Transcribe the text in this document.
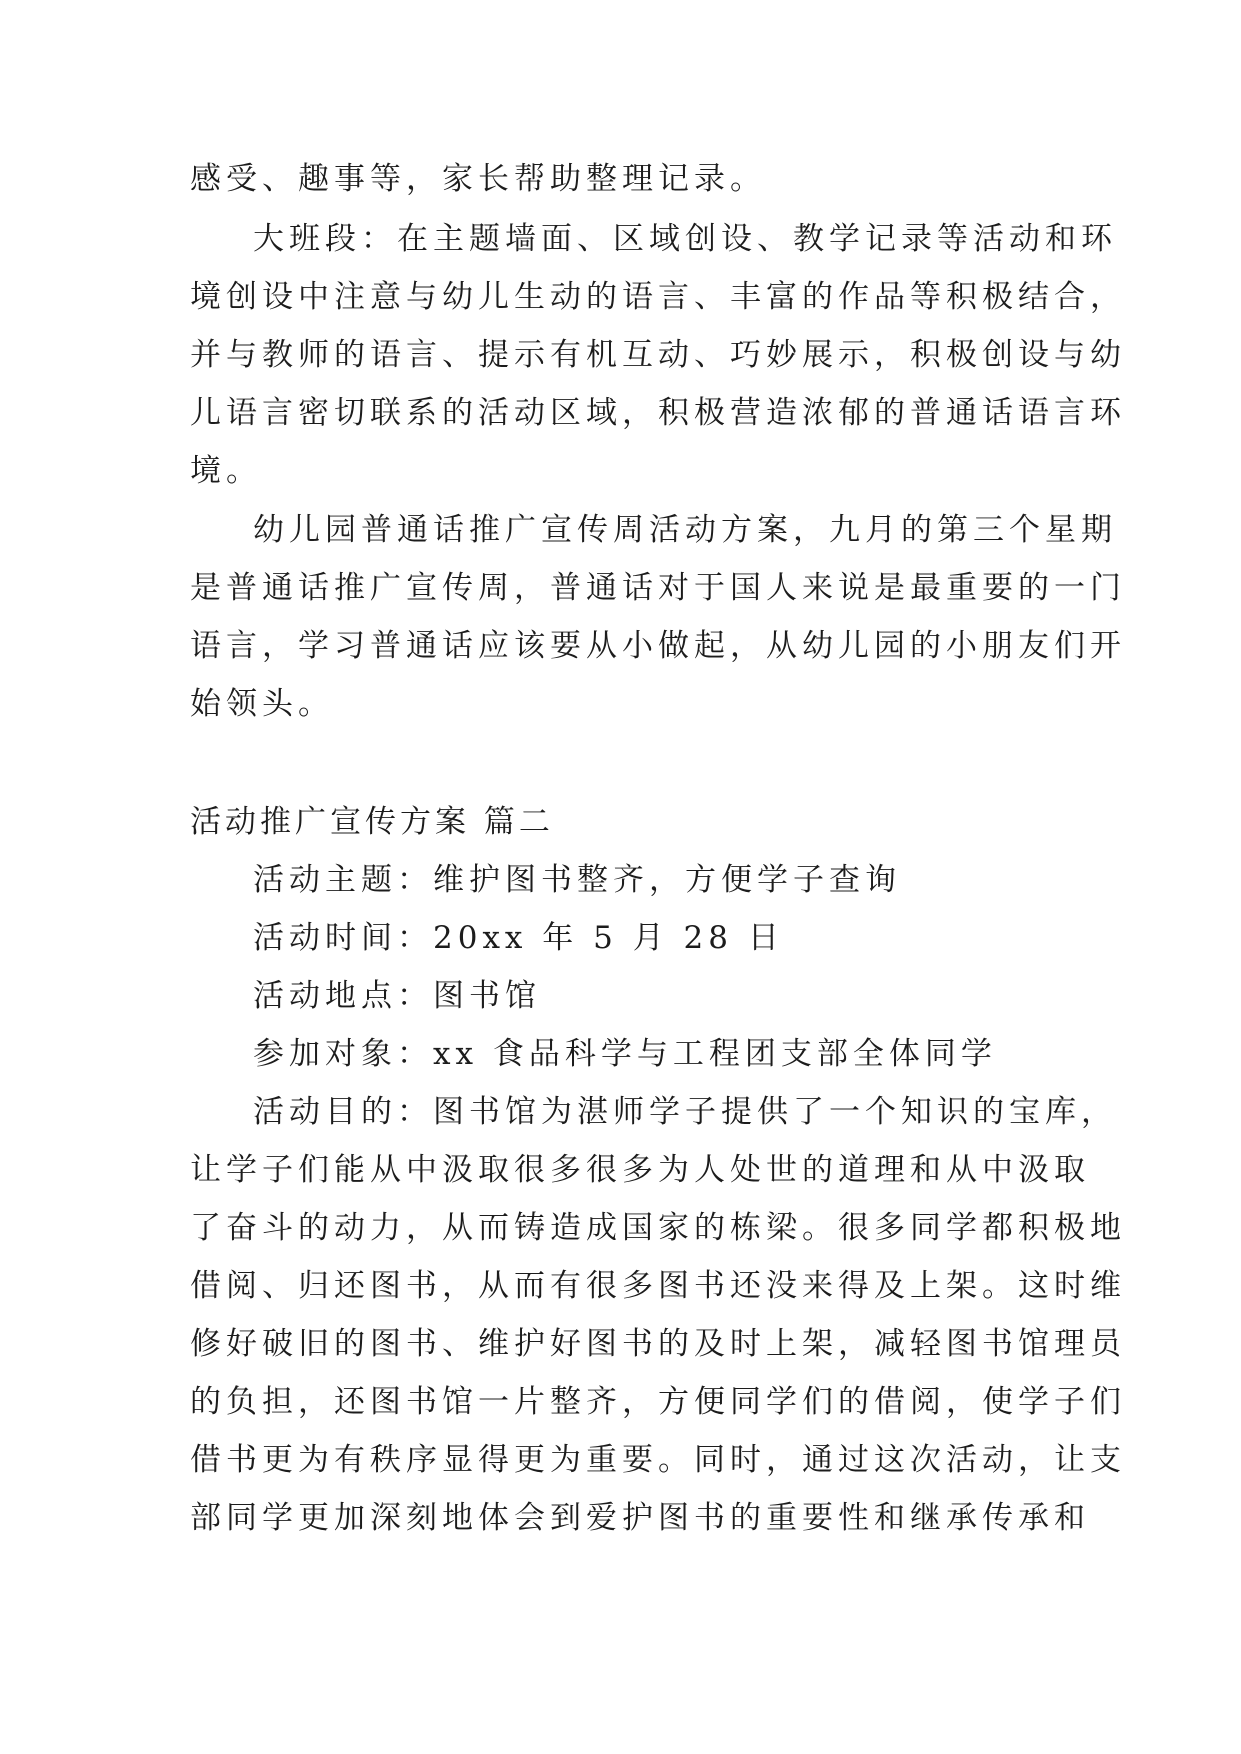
感受、趣事等，家长帮助整理记录。
大班段：在主题墙面、区域创设、教学记录等活动和环
境创设中注意与幼儿生动的语言、丰富的作品等积极结合，
并与教师的语言、提示有机互动、巧妙展示，积极创设与幼
儿语言密切联系的活动区域，积极营造浓郁的普通话语言环
境。
幼儿园普通话推广宣传周活动方案，九月的第三个星期
是普通话推广宣传周，普通话对于国人来说是最重要的一门
语言，学习普通话应该要从小做起，从幼儿园的小朋友们开
始领头。
活动推广宣传方案 篇二
活动主题：维护图书整齐，方便学子查询
活动时间：20xx 年 5 月 28 日
活动地点：图书馆
参加对象：xx 食品科学与工程团支部全体同学
活动目的：图书馆为湛师学子提供了一个知识的宝库，
让学子们能从中汲取很多很多为人处世的道理和从中汲取
了奋斗的动力，从而铸造成国家的栋梁。很多同学都积极地
借阅、归还图书，从而有很多图书还没来得及上架。这时维
修好破旧的图书、维护好图书的及时上架，减轻图书馆理员
的负担，还图书馆一片整齐，方便同学们的借阅，使学子们
借书更为有秩序显得更为重要。同时，通过这次活动，让支
部同学更加深刻地体会到爱护图书的重要性和继承传承和
